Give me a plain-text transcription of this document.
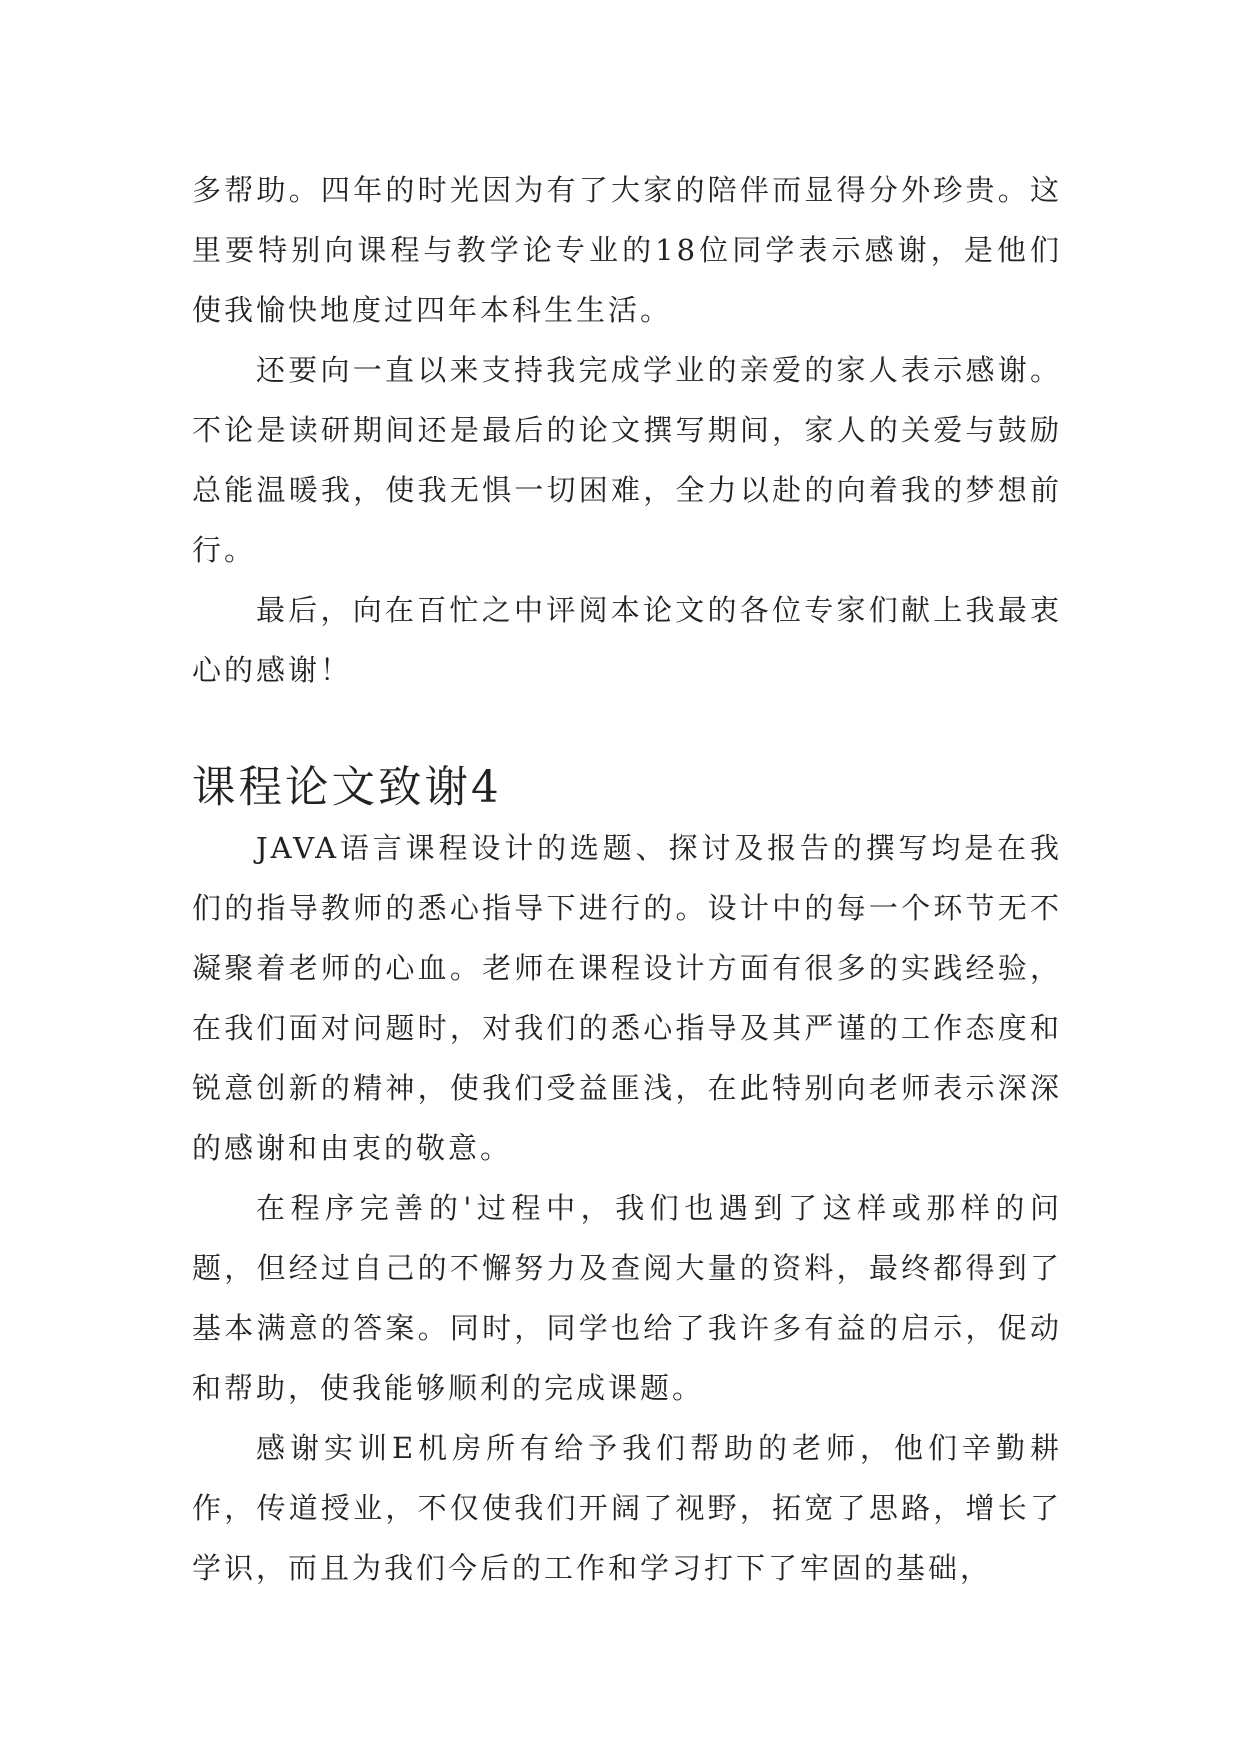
多帮助。四年的时光因为有了大家的陪伴而显得分外珍贵。这里要特别向课程与教学论专业的18位同学表示感谢，是他们使我愉快地度过四年本科生生活。

还要向一直以来支持我完成学业的亲爱的家人表示感谢。不论是读研期间还是最后的论文撰写期间，家人的关爱与鼓励总能温暖我，使我无惧一切困难，全力以赴的向着我的梦想前行。

最后，向在百忙之中评阅本论文的各位专家们献上我最衷心的感谢！

课程论文致谢4

JAVA语言课程设计的选题、探讨及报告的撰写均是在我们的指导教师的悉心指导下进行的。设计中的每一个环节无不凝聚着老师的心血。老师在课程设计方面有很多的实践经验，在我们面对问题时，对我们的悉心指导及其严谨的工作态度和锐意创新的精神，使我们受益匪浅，在此特别向老师表示深深的感谢和由衷的敬意。

在程序完善的'过程中，我们也遇到了这样或那样的问题，但经过自己的不懈努力及查阅大量的资料，最终都得到了基本满意的答案。同时，同学也给了我许多有益的启示，促动和帮助，使我能够顺利的完成课题。

感谢实训E机房所有给予我们帮助的老师，他们辛勤耕作，传道授业，不仅使我们开阔了视野，拓宽了思路，增长了学识，而且为我们今后的工作和学习打下了牢固的基础，
